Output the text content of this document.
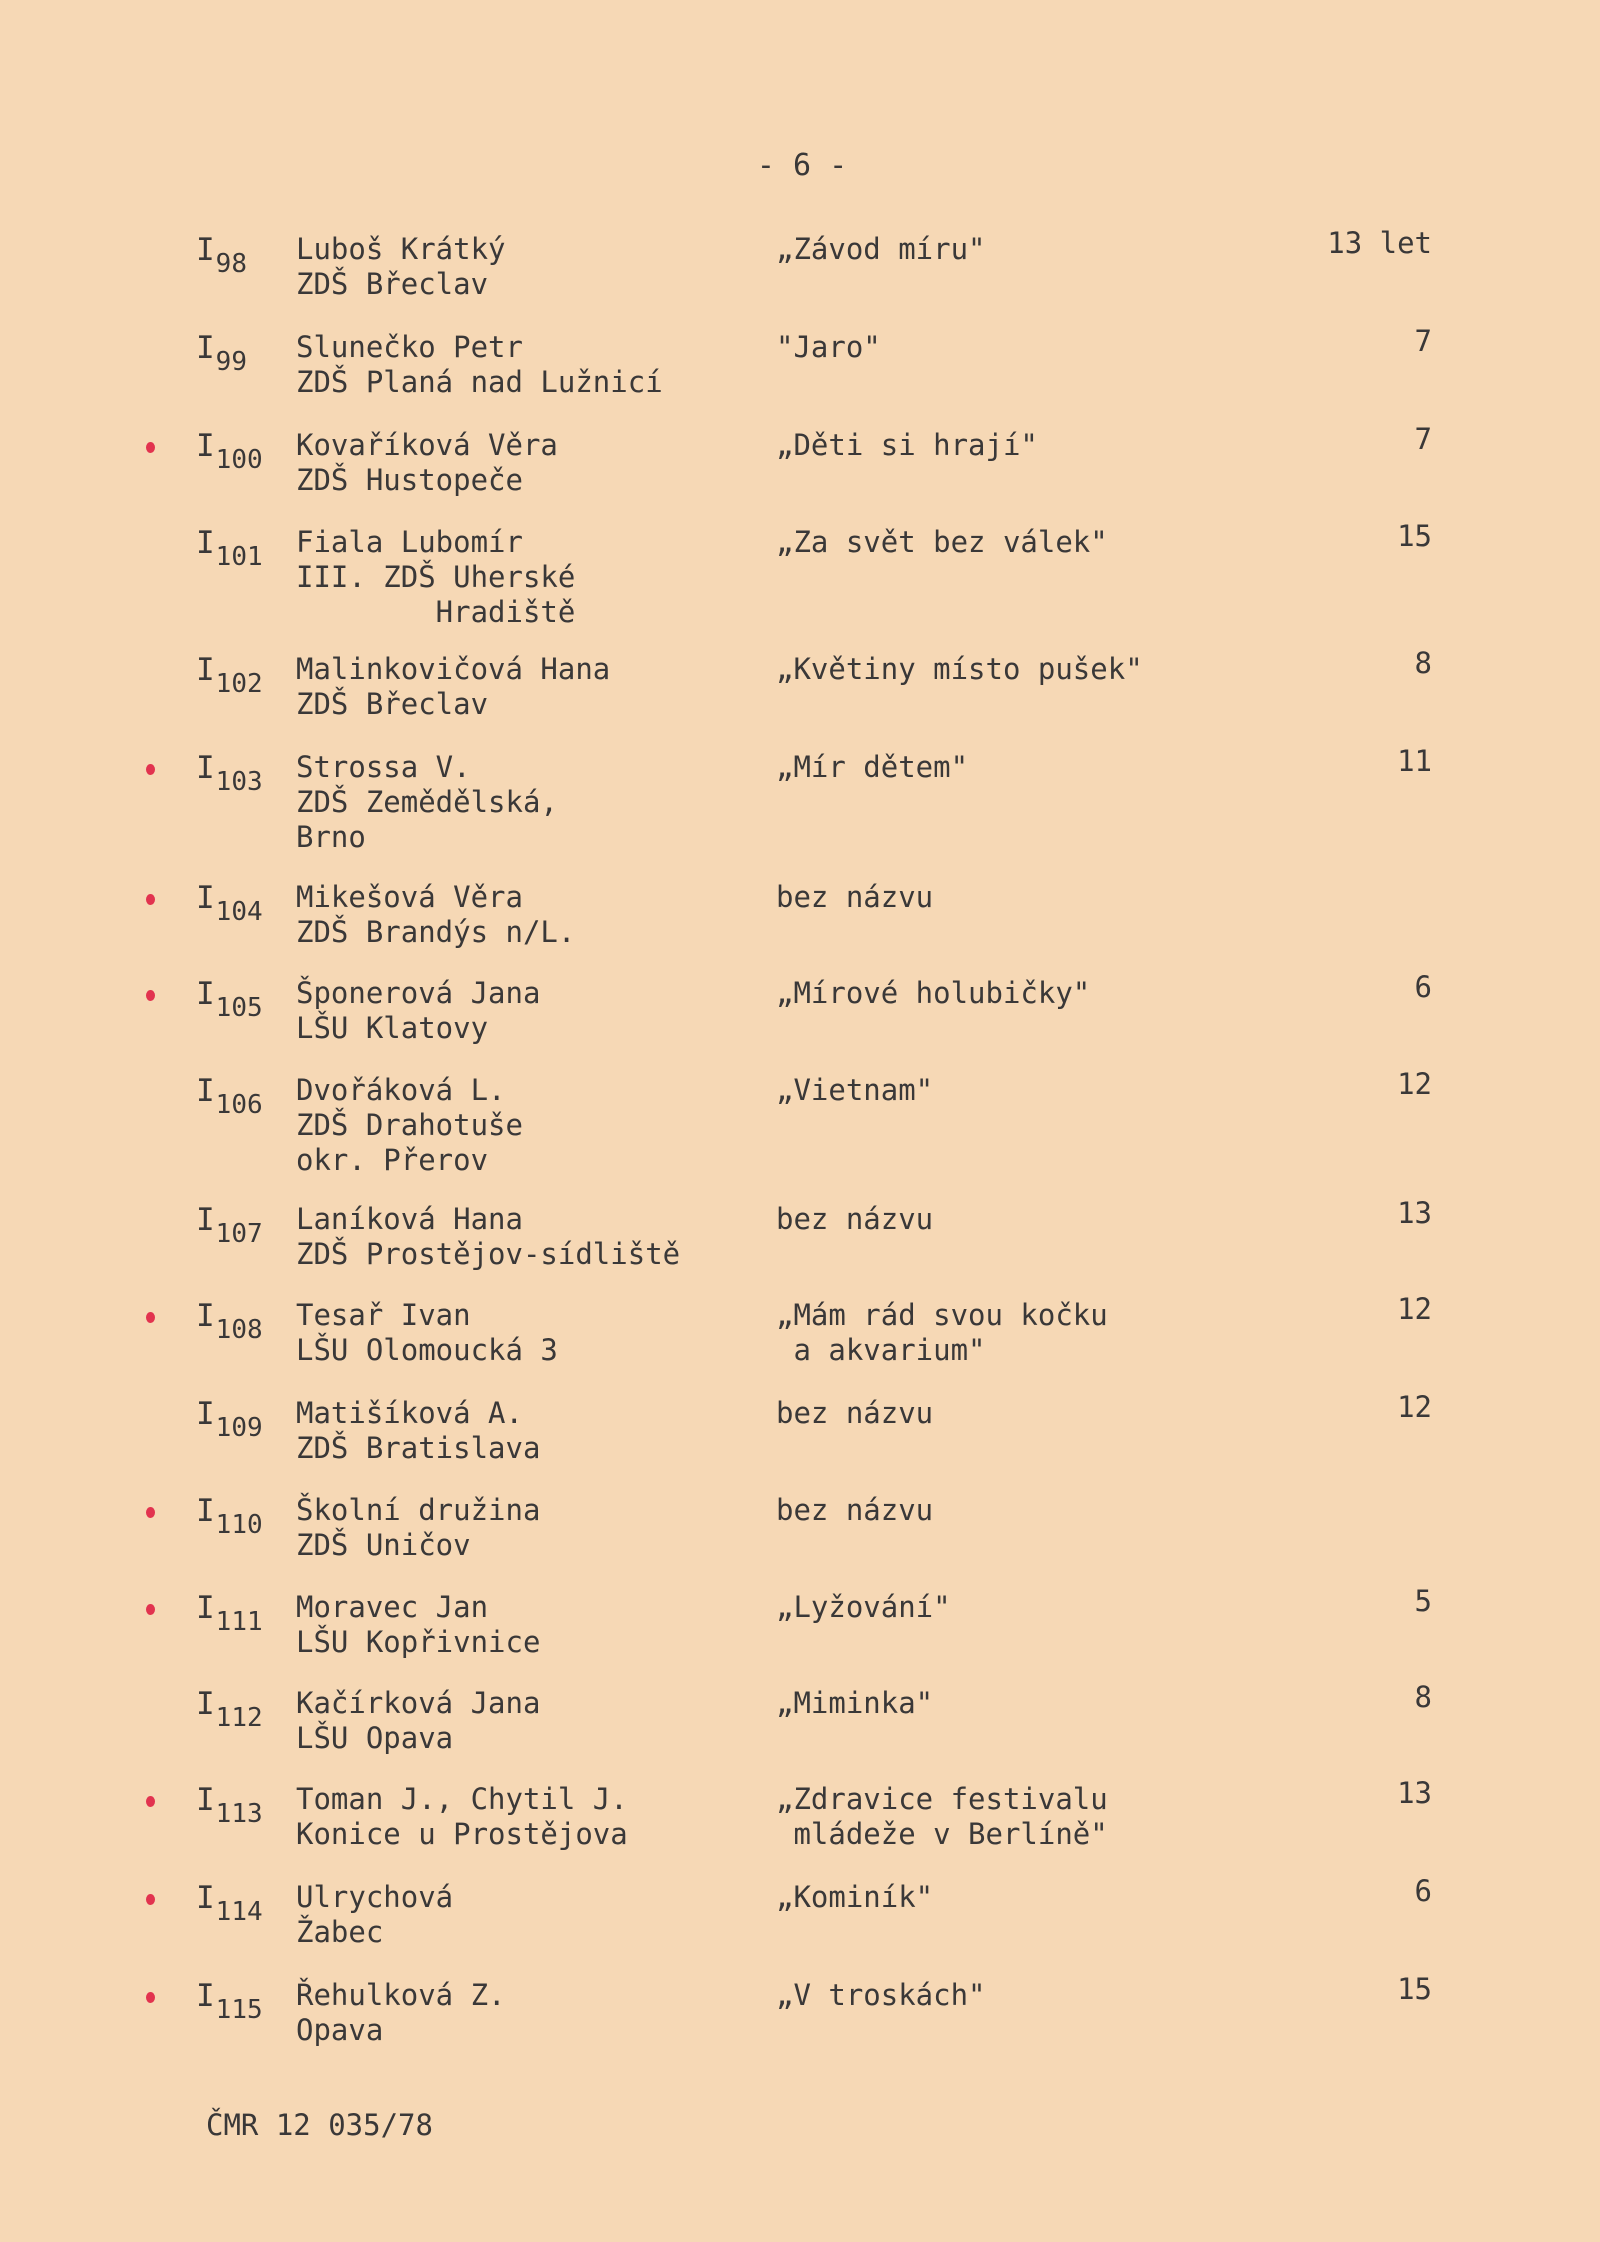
- 6 -
$I_{98}$ Luboš Krátký
ZDŠ Břeclav
„Závod míru"	13 let
$I_{99}$ Slunečko Petr
ZDŠ Planá nad Lužnicí
"Jaro"	7
$I_{100}$ Kovaříková Věra
ZDŠ Hustopeče
„Děti si hrají"	7
$I_{101}$ Fiala Lubomír
III. ZDŠ Uherské
Hradiště
„Za svět bez válek"	15
$I_{102}$ Malinkovičová Hana
ZDŠ Břeclav
„Květiny místo pušek"	8
$I_{103}$ Strossa V.
ZDŠ Zemědělská,
Brno
„Mír dětem"	11
$I_{104}$ Mikešová Věra
ZDŠ Brandýs n/L.
bez názvu
$I_{105}$ Šponerová Jana
LŠU Klatovy
„Mírové holubičky"	6
$I_{106}$ Dvořáková L.
ZDŠ Drahotuše
okr. Přerov
„Vietnam"	12
$I_{107}$ Laníková Hana
ZDŠ Prostějov-sídliště
bez názvu	13
$I_{108}$ Tesař Ivan
LŠU Olomoucká 3
„Mám rád svou kočku
a akvarium"
12
$I_{109}$ Matišíková A.
ZDŠ Bratislava
bez názvu	12
$I_{110}$ Školní družina
ZDŠ Uničov
bez názvu
$I_{111}$ Moravec Jan
LŠU Kopřivnice
„Lyžování"	5
$I_{112}$ Kačírková Jana
LŠU Opava
„Miminka"	8
$I_{113}$ Toman J., Chytil J.
Konice u Prostějova
„Zdravice festivalu
mládeže v Berlíně"
13
$I_{114}$ Ulrychová
Žabec
„Kominík"	6
$I_{115}$ Řehulková Z.
Opava
„V troskách"	15
ČMR 12 035/78
